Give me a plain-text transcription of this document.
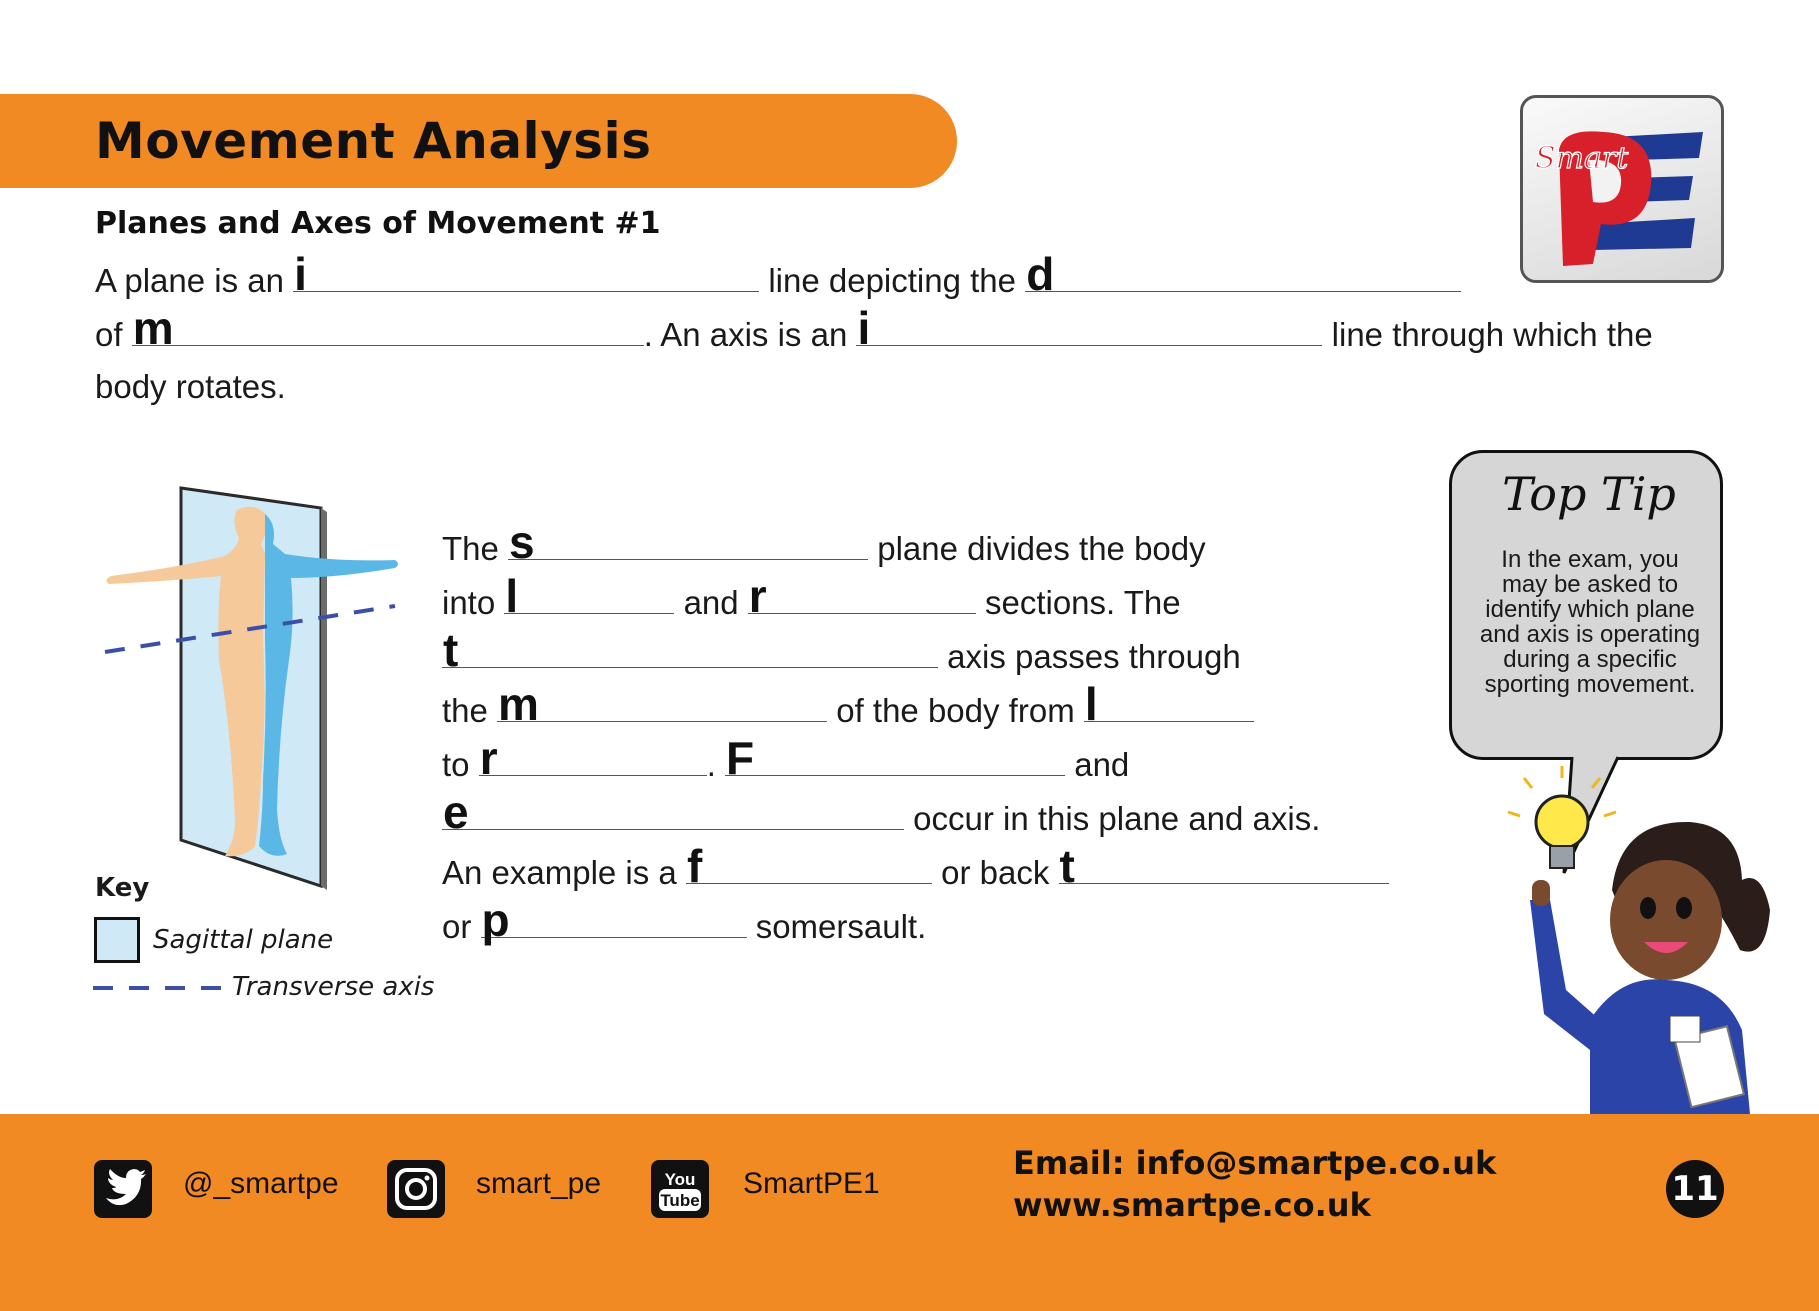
Movement Analysis	Smart
Planes and Axes of Movement #1
A plane is an i	line depicting the d
of m	. An axis is an i	line through which the
body rotates.
Key
Sagittal plane
Transverse axis
The s	plane divides the body
into l	and r	sections. The
t	axis passes through
the m	of the body from l
to r	. F	and
e	occur in this plane and axis.
An example is a f	or back t
or p	somersault.
Top Tip
In the exam, you may be asked to identify which plane and axis is operating during a specific sporting movement.
@_smartpe	smart_pe	You
Tube
SmartPE1
Email: info@smartpe.co.uk
www.smartpe.co.uk	11
